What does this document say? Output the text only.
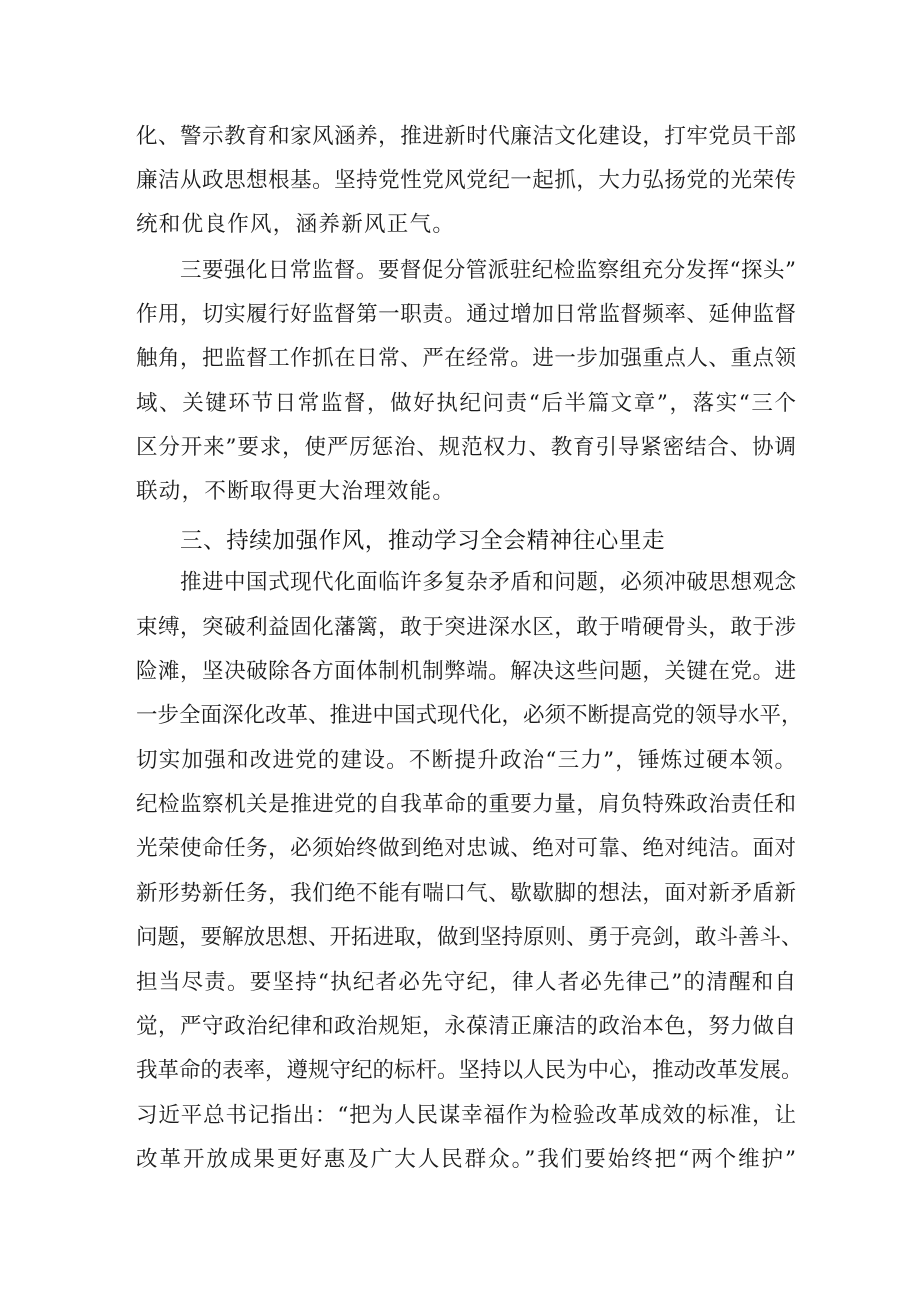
化、警示教育和家风涵养，推进新时代廉洁文化建设，打牢党员干部
廉洁从政思想根基。坚持党性党风党纪一起抓，大力弘扬党的光荣传
统和优良作风，涵养新风正气。
三要强化日常监督。要督促分管派驻纪检监察组充分发挥“探头”
作用，切实履行好监督第一职责。通过增加日常监督频率、延伸监督
触角，把监督工作抓在日常、严在经常。进一步加强重点人、重点领
域、关键环节日常监督，做好执纪问责“后半篇文章”，落实“三个
区分开来”要求，使严厉惩治、规范权力、教育引导紧密结合、协调
联动，不断取得更大治理效能。
三、持续加强作风，推动学习全会精神往心里走
推进中国式现代化面临许多复杂矛盾和问题，必须冲破思想观念
束缚，突破利益固化藩篱，敢于突进深水区，敢于啃硬骨头，敢于涉
险滩，坚决破除各方面体制机制弊端。解决这些问题，关键在党。进
一步全面深化改革、推进中国式现代化，必须不断提高党的领导水平，
切实加强和改进党的建设。不断提升政治“三力”，锤炼过硬本领。
纪检监察机关是推进党的自我革命的重要力量，肩负特殊政治责任和
光荣使命任务，必须始终做到绝对忠诚、绝对可靠、绝对纯洁。面对
新形势新任务，我们绝不能有喘口气、歇歇脚的想法，面对新矛盾新
问题，要解放思想、开拓进取，做到坚持原则、勇于亮剑，敢斗善斗、
担当尽责。要坚持“执纪者必先守纪，律人者必先律己”的清醒和自
觉，严守政治纪律和政治规矩，永葆清正廉洁的政治本色，努力做自
我革命的表率，遵规守纪的标杆。坚持以人民为中心，推动改革发展。
习近平总书记指出：“把为人民谋幸福作为检验改革成效的标准，让
改革开放成果更好惠及广大人民群众。”我们要始终把“两个维护”
